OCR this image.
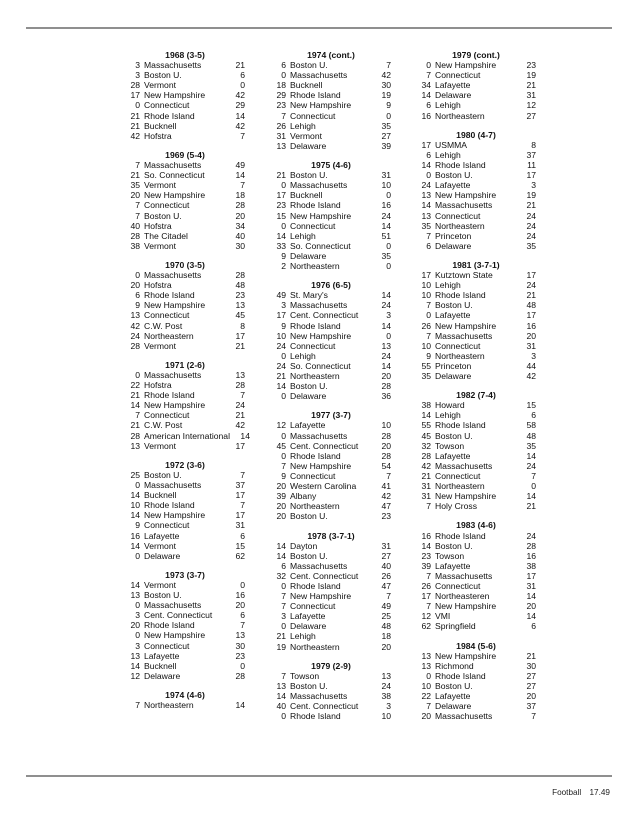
1968 (3-5)
3 Massachusetts	21
3 Boston U.	6
28 Vermont	0
17 New Hampshire	42
0 Connecticut	29
21 Rhode Island	14
21 Bucknell	42
42 Hofstra	7
1969 (5-4)
7 Massachusetts	49
21 So. Connecticut	14
35 Vermont	7
20 New Hampshire	18
7 Connecticut	28
7 Boston U.	20
40 Hofstra	34
28 The Citadel	40
38 Vermont	30
1970 (3-5)
0 Massachusetts	28
20 Hofstra	48
6 Rhode Island	23
9 New Hampshire	13
13 Connecticut	45
42 C.W. Post	8
24 Northeastern	17
28 Vermont	21
1971 (2-6)
0 Massachusetts	13
22 Hofstra	28
21 Rhode Island	7
14 New Hampshire	24
7 Connecticut	21
21 C.W. Post	42
28 American International	14
13 Vermont	17
1972 (3-6)
25 Boston U.	7
0 Massachusetts	37
14 Bucknell	17
10 Rhode Island	7
14 New Hampshire	17
9 Connecticut	31
16 Lafayette	6
14 Vermont	15
0 Delaware	62
1973 (3-7)
14 Vermont	0
13 Boston U.	16
0 Massachusetts	20
3 Cent. Connecticut	6
20 Rhode Island	7
0 New Hampshire	13
3 Connecticut	30
13 Lafayette	23
14 Bucknell	0
12 Delaware	28
1974 (4-6)
7 Northeastern	14
1974 (cont.)
6 Boston U.	7
0 Massachusetts	42
18 Bucknell	30
29 Rhode Island	19
23 New Hampshire	9
7 Connecticut	0
26 Lehigh	35
31 Vermont	27
13 Delaware	39
1975 (4-6)
21 Boston U.	31
0 Massachusetts	10
17 Bucknell	0
23 Rhode Island	16
15 New Hampshire	24
0 Connecticut	14
14 Lehigh	51
33 So. Connecticut	0
9 Delaware	35
2 Northeastern	0
1976 (6-5)
49 St. Mary's	14
3 Massachusetts	24
17 Cent. Connecticut	3
9 Rhode Island	14
10 New Hampshire	0
24 Connecticut	13
0 Lehigh	24
24 So. Connecticut	14
21 Northeastern	20
14 Boston U.	28
0 Delaware	36
1977 (3-7)
12 Lafayette	10
0 Massachusetts	28
45 Cent. Connecticut	20
0 Rhode Island	28
7 New Hampshire	54
9 Connecticut	7
20 Western Carolina	41
39 Albany	42
20 Northeastern	47
20 Boston U.	23
1978 (3-7-1)
14 Dayton	31
14 Boston U.	27
6 Massachusetts	40
32 Cent. Connecticut	26
0 Rhode Island	47
7 New Hampshire	7
7 Connecticut	49
3 Lafayette	25
0 Delaware	48
21 Lehigh	18
19 Northeastern	20
1979 (2-9)
7 Towson	13
13 Boston U.	24
14 Massachusetts	38
40 Cent. Connecticut	3
0 Rhode Island	10
1979 (cont.)
0 New Hampshire	23
7 Connecticut	19
34 Lafayette	21
14 Delaware	31
6 Lehigh	12
16 Northeastern	27
1980 (4-7)
17 USMMA	8
6 Lehigh	37
14 Rhode Island	11
0 Boston U.	17
24 Lafayette	3
13 New Hampshire	19
14 Massachusetts	21
13 Connecticut	24
35 Northeastern	24
7 Princeton	24
6 Delaware	35
1981 (3-7-1)
17 Kutztown State	17
10 Lehigh	24
10 Rhode Island	21
7 Boston U.	48
0 Lafayette	17
26 New Hampshire	16
7 Massachusetts	20
10 Connecticut	31
9 Northeastern	3
55 Princeton	44
35 Delaware	42
1982 (7-4)
38 Howard	15
14 Lehigh	6
55 Rhode Island	58
45 Boston U.	48
32 Towson	35
28 Lafayette	14
42 Massachusetts	24
21 Connecticut	7
31 Northeastern	0
31 New Hampshire	14
7 Holy Cross	21
1983 (4-6)
16 Rhode Island	24
14 Boston U.	28
23 Towson	16
39 Lafayette	38
7 Massachusetts	17
26 Connecticut	31
17 Northeasteren	14
7 New Hampshire	20
12 VMI	14
62 Springfield	6
1984 (5-6)
13 New Hampshire	21
13 Richmond	30
0 Rhode Island	27
10 Boston U.	27
22 Lafayette	20
7 Delaware	37
20 Massachusetts	7
Football 17.49
